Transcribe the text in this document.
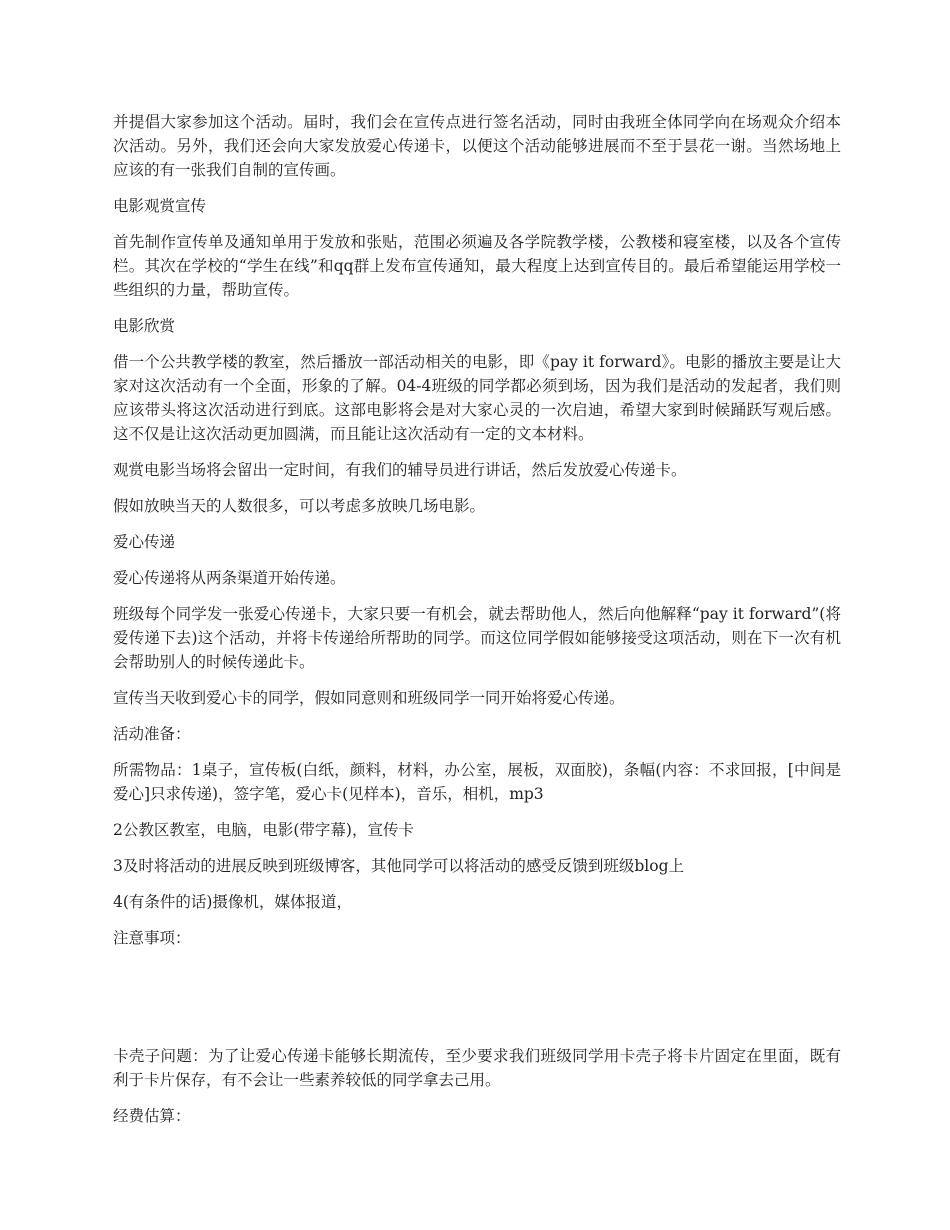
并提倡大家参加这个活动。届时，我们会在宣传点进行签名活动，同时由我班全体同学向在场观众介绍本次活动。另外，我们还会向大家发放爱心传递卡，以便这个活动能够进展而不至于昙花一谢。当然场地上应该的有一张我们自制的宣传画。

电影观赏宣传

首先制作宣传单及通知单用于发放和张贴，范围必须遍及各学院教学楼，公教楼和寝室楼，以及各个宣传栏。其次在学校的“学生在线”和qq群上发布宣传通知，最大程度上达到宣传目的。最后希望能运用学校一些组织的力量，帮助宣传。

电影欣赏

借一个公共教学楼的教室，然后播放一部活动相关的电影，即《pay it forward》。电影的播放主要是让大家对这次活动有一个全面，形象的了解。04-4班级的同学都必须到场，因为我们是活动的发起者，我们则应该带头将这次活动进行到底。这部电影将会是对大家心灵的一次启迪，希望大家到时候踊跃写观后感。这不仅是让这次活动更加圆满，而且能让这次活动有一定的文本材料。

观赏电影当场将会留出一定时间，有我们的辅导员进行讲话，然后发放爱心传递卡。

假如放映当天的人数很多，可以考虑多放映几场电影。

爱心传递

爱心传递将从两条渠道开始传递。

班级每个同学发一张爱心传递卡，大家只要一有机会，就去帮助他人，然后向他解释“pay it forward”(将爱传递下去)这个活动，并将卡传递给所帮助的同学。而这位同学假如能够接受这项活动，则在下一次有机会帮助别人的时候传递此卡。

宣传当天收到爱心卡的同学，假如同意则和班级同学一同开始将爱心传递。

活动准备：

所需物品：1桌子，宣传板(白纸，颜料，材料，办公室，展板，双面胶)，条幅(内容：不求回报，[中间是爱心]只求传递)，签字笔，爱心卡(见样本)，音乐，相机，mp3

2公教区教室，电脑，电影(带字幕)，宣传卡

3及时将活动的进展反映到班级博客，其他同学可以将活动的感受反馈到班级blog上

4(有条件的话)摄像机，媒体报道，

注意事项：

卡壳子问题：为了让爱心传递卡能够长期流传，至少要求我们班级同学用卡壳子将卡片固定在里面，既有利于卡片保存，有不会让一些素养较低的同学拿去己用。

经费估算：
